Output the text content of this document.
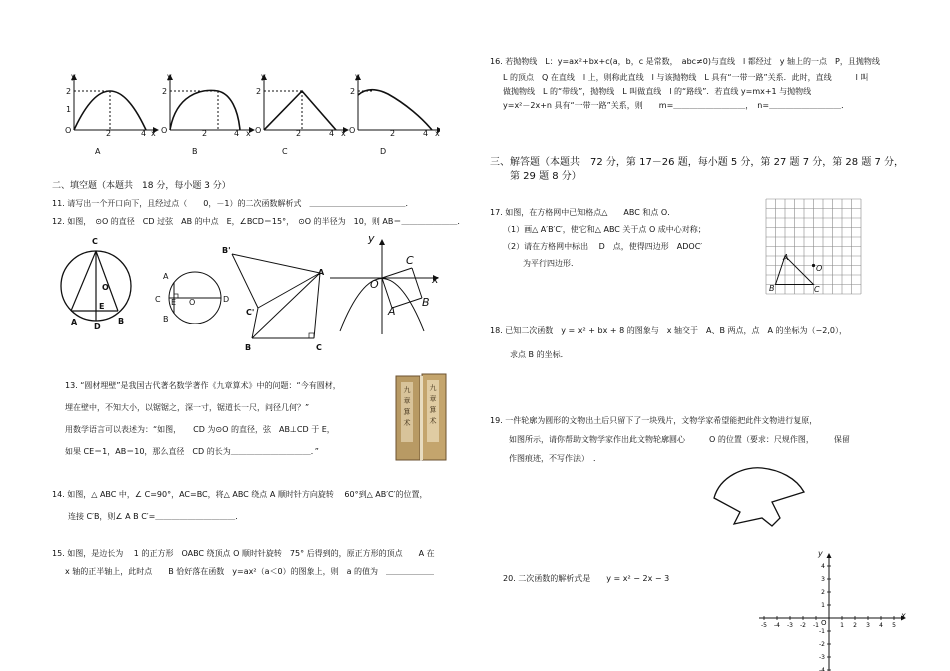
y
2
1
O	2	4 x
y
2
O	2	4 x
y
2
O	2	4 x
y
2
O	2	4 x
A	B	C	D
二、填空题（本题共　18 分，每小题 3 分）
11. 请写出一个开口向下，且经过点（　　0，－1）的二次函数解析式　＿＿＿＿＿＿＿＿＿＿＿＿．
12. 如图，　⊙O 的直径　CD 过弦　AB 的中点　E，∠BCD＝15°，　⊙O 的半径为　10，则 AB＝＿＿＿＿＿＿＿．
C
O
E
A D
B
A
C E O	D
B
B'
A
C'
B	C
y
x
O
C
B
A
13. “圆材埋壁”是我国古代著名数学著作《九章算术》中的问题：“今有圆材，
埋在壁中，不知大小，以锯锯之，深一寸，锯道长一尺，问径几何？”
用数学语言可以表述为：“如图，　　CD 为⊙O 的直径，弦　AB⊥CD 于 E，
如果 CE＝1，AB＝10，那么直径　CD 的长为＿＿＿＿＿＿＿＿＿＿．”
九
章
算
术
九
章
算
术
14. 如图，△ ABC 中，∠ C=90°，AC=BC，将△ ABC 绕点 A 顺时针方向旋转　 60°到△ AB′C′的位置，
连接 C′B，则∠ A B C′=＿＿＿＿＿＿＿＿＿＿．
15. 如图，是边长为　 1 的正方形　OABC 绕顶点 O 顺时针旋转　75° 后得到的，原正方形的顶点　　A 在
x 轴的正半轴上，此时点　　B 恰好落在函数　y=ax²（a＜0）的图象上，则　a 的值为　＿＿＿＿＿＿
16. 若抛物线　L：y=ax²+bx+c(a，b，c 是常数，　abc≠0)与直线　l 都经过　y 轴上的一点　P，且抛物线
L 的顶点　Q 在直线　l 上，则称此直线　l 与该抛物线　L 具有“一带一路”关系．此时，直线　　　l 叫
做抛物线　L 的“带线”，抛物线　L 叫做直线　l 的“路线”．若直线 y=mx+1 与抛物线
y=x²－2x+n 具有“一带一路”关系，则　　m=＿＿＿＿＿＿＿＿＿，　n=＿＿＿＿＿＿＿＿＿．
三、解答题（本题共　72 分，第 17－26 题，每小题 5 分，第 27 题 7 分，第 28 题 7 分，
第 29 题 8 分）
17. 如图，在方格网中已知格点△　　ABC 和点 O．
（1）画△ A′B′C′，使它和△ ABC 关于点 O 成中心对称；
（2）请在方格网中标出　 D　点，使得四边形　ADOC′
为平行四边形．
O
A
B	C
18. 已知二次函数　y = x² + bx + 8 的图象与　x 轴交于　A、B 两点，点　A 的坐标为（−2,0），
求点 B 的坐标．
19. 一件轮廓为圆形的文物出土后只留下了一块残片，文物学家希望能把此件文物进行复原，
如图所示，请你帮助文物学家作出此文物轮廓圆心　　　O 的位置（要求：尺规作图，　　　保留
作图痕迹，不写作法）　．
20. 二次函数的解析式是　　y = x² − 2x − 3
-5 -4 -3 -2 -1	1 2 3 4 5
4
3
2
1
-1
-2
-3
-4
y
x
O
